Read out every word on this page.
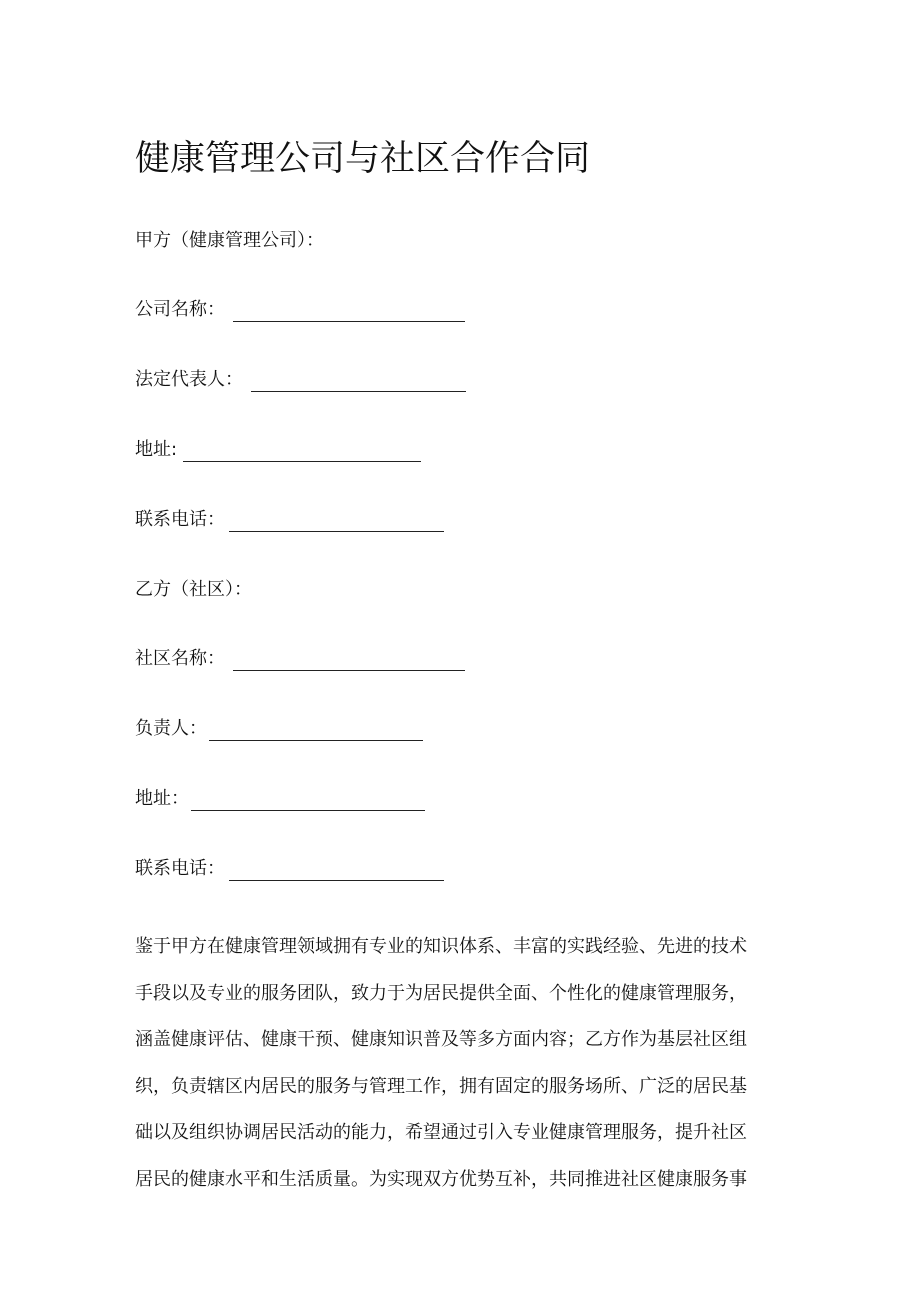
健康管理公司与社区合作合同
甲方（健康管理公司）：
公司名称：
法定代表人：
地址:
联系电话：
乙方（社区）：
社区名称：
负责人：
地址：
联系电话：
鉴于甲方在健康管理领域拥有专业的知识体系、丰富的实践经验、先进的技术
手段以及专业的服务团队，致力于为居民提供全面、个性化的健康管理服务，
涵盖健康评估、健康干预、健康知识普及等多方面内容；乙方作为基层社区组
织，负责辖区内居民的服务与管理工作，拥有固定的服务场所、广泛的居民基
础以及组织协调居民活动的能力，希望通过引入专业健康管理服务，提升社区
居民的健康水平和生活质量。为实现双方优势互补，共同推进社区健康服务事
